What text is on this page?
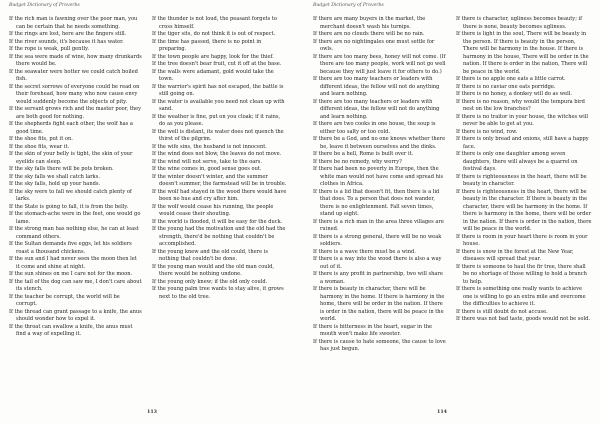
Budget Dictionary of Proverbs

If the rich man is fawning over the poor man, you can be certain that he needs something.

If the rings are lost, here are the fingers still.

If the river sounds, it's because it has water.

If the rope is weak, pull gently.

If the sea were made of wine, how many drunkards there would be.

If the seawater were hotter we could catch boiled fish.

If the secret sorrows of everyone could be read on their forehead, how many who now cause envy would suddenly become the objects of pity.

If the servant grows rich and the master poor, they are both good for nothing.

If the shepherds fight each other, the wolf has a good time.

If the shoe fits, put it on.

If the shoe fits, wear it.

If the skin of your belly is tight, the skin of your eyelids can sleep.

If the sky falls there will be pots broken.

If the sky falls we shall catch larks.

If the sky falls, hold up your hands.

If the sky were to fall we should catch plenty of larks.

If the State is going to fall, it is from the belly.

If the stomach-ache were in the feet, one would go lame.

If the strong man has nothing else, he can at least command others.

If the Sultan demands five eggs, let his soldiers roast a thousand chickens.

If the sun and I had never seen the moon then let it come and shine at night.

If the sun shines on me I care not for the moon.

If the tail of the dog can saw me, I don't care about its stench.

If the teacher be corrupt, the world will be corrupt.

If the thread can grant passage to a knife, the anus should wonder how to expel it.

If the throat can swallow a knife, the anus must find a way of expelling it.

If the thunder is not loud, the peasant forgets to cross himself.

If the tiger sits, do not think it is out of respect.

If the time has passed, there is no point in preparing.

If the town people are happy, look for the thief.

If the tree doesn't bear fruit, cut it off at the base.

If the walls were adamant, gold would take the town.

If the warrior's spirit has not escaped, the battle is still going on.

If the water is available you need not clean up with sand.

If the weather is fine, put on you cloak; if it rains, do as you please.

If the well is distant, its water does not quench the thirst of the pilgrim.

If the wife sins, the husband is not innocent.

If the wind does not blow, the leaves do not move.

If the wind will not serve, take to the oars.

If the wine comes in, good sense goes out.

If the winter doesn't winter, and the summer doesn't summer, the farmstead will be in trouble.

If the wolf had stayed in the wood there would have been no hue and cry after him.

If the wolf would cease his running, the people would cease their shouting.

If the world is flooded, it will be easy for the duck.

If the young had the motivation and the old had the strength, there'd be nothing that couldn't be accomplished.

If the young knew and the old could, there is nothing that couldn't be done.

If the young man would and the old man could, there would be nothing undone.

If the young only knew; if the old only could.

If the young palm tree wants to stay alive, it grows next to the old tree.

113
Budget Dictionary of Proverbs

If there are many buyers in the market, the merchant doesn't wash his turnips.

If there are no clouds there will be no rain.

If there are no nightingales one must settle for owls.

If there are too many bees, honey will not come. (If there are too many people, work will not go well because they will just leave it for others to do.)

If there are too many teachers or leaders with different ideas, the fellow will not do anything and learn nothing.

If there are too many teachers or leaders with different ideas, the fellow will not do anything and learn nothing.

If there are two cooks in one house, the soup is either too salty or too cold.

If there be a God, and no one knows whether there be, leave it between ourselves and the dinks.

If there be a hell, Rome is built over it.

If there be no remedy, why worry?

If there had been no poverty in Europe, then the white man would not have come and spread his clothes in Africa.

If there is a lid that doesn't fit, then there is a lid that does. To a person that does not wander, there is no enlightenment. Fall seven times, stand up eight.

If there is a rich man in the area three villages are ruined.

If there is a strong general, there will be no weak soldiers.

If there is a wave there must be a wind.

If there is a way into the wood there is also a way out of it.

If there is any profit in partnership, two will share a woman.

If there is beauty in character, there will be harmony in the home. If there is harmony in the home, there will be order in the nation. If there is order in the nation, there will be peace in the world.

If there is bitterness in the heart, sugar in the mouth won't make life sweeter.

If there is cause to hate someone, the cause to love has just begun.

If there is character, ugliness becomes beauty; if there is none, beauty becomes ugliness.

If there is light in the soul, There will be beauty in the person. If there is beauty in the person, There will be harmony in the house. If there is harmony in the house, There will be order in the nation. If there is order in the nation, There will be peace in the world.

If there is no apple one eats a little carrot.

If there is no caviar one eats porridge.

If there is no honey, a donkey will do as well.

If there is no reason, why would the tempura bird nest on the low branches?

If there is no traitor in your house, the witches will never be able to get at you.

If there is no wind, row.

If there is only bread and onions, still have a happy face.

If there is only one daughter among seven daughters, there will always be a quarrel on festival days.

If there is righteousness in the heart, there will be beauty in character.

If there is righteousness in the heart, there will be beauty in the character. If there is beauty in the character, there will be harmony in the home. If there is harmony in the home, there will be order in the nation. If there is order in the nation, there will be peace in the world.

If there is room in your heart there is room in your house.

If there is snow in the forest at the New Year, diseases will spread that year.

If there is someone to haul the fir tree, there shall be no shortage of those willing to hold a branch to help.

If there is something one really wants to achieve one is willing to go an extra mile and overcome the difficulties to achieve it.

If there is still doubt do not accuse.

If there was not bad taste, goods would not be sold.

114
